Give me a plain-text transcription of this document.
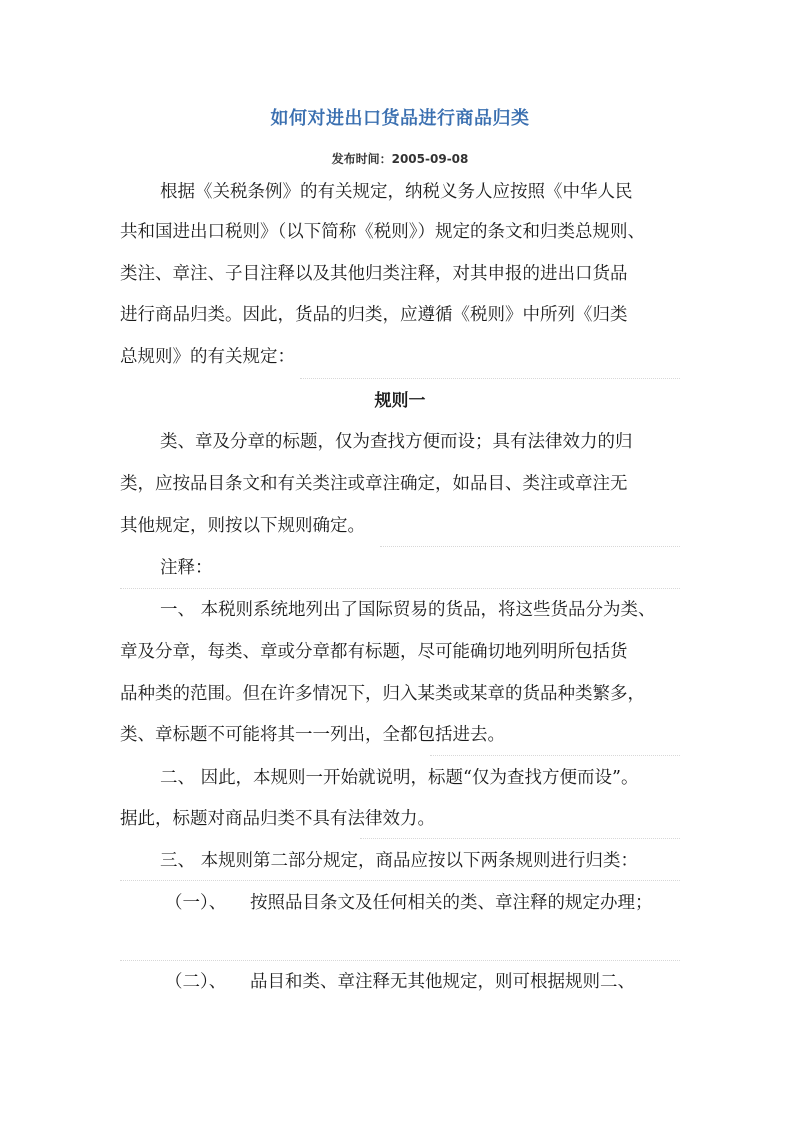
如何对进出口货品进行商品归类
发布时间：2005-09-08
根据《关税条例》的有关规定，纳税义务人应按照《中华人民
共和国进出口税则》（以下简称《税则》）规定的条文和归类总规则、
类注、章注、子目注释以及其他归类注释，对其申报的进出口货品
进行商品归类。因此，货品的归类，应遵循《税则》中所列《归类
总规则》的有关规定：
规则一
类、章及分章的标题，仅为查找方便而设；具有法律效力的归
类，应按品目条文和有关类注或章注确定，如品目、类注或章注无
其他规定，则按以下规则确定。
注释：
一、 本税则系统地列出了国际贸易的货品，将这些货品分为类、
章及分章，每类、章或分章都有标题，尽可能确切地列明所包括货
品种类的范围。但在许多情况下，归入某类或某章的货品种类繁多，
类、章标题不可能将其一一列出，全都包括进去。
二、 因此，本规则一开始就说明，标题“仅为查找方便而设”。
据此，标题对商品归类不具有法律效力。
三、 本规则第二部分规定，商品应按以下两条规则进行归类：
（一）、 按照品目条文及任何相关的类、章注释的规定办理；
（二）、 品目和类、章注释无其他规定，则可根据规则二、
